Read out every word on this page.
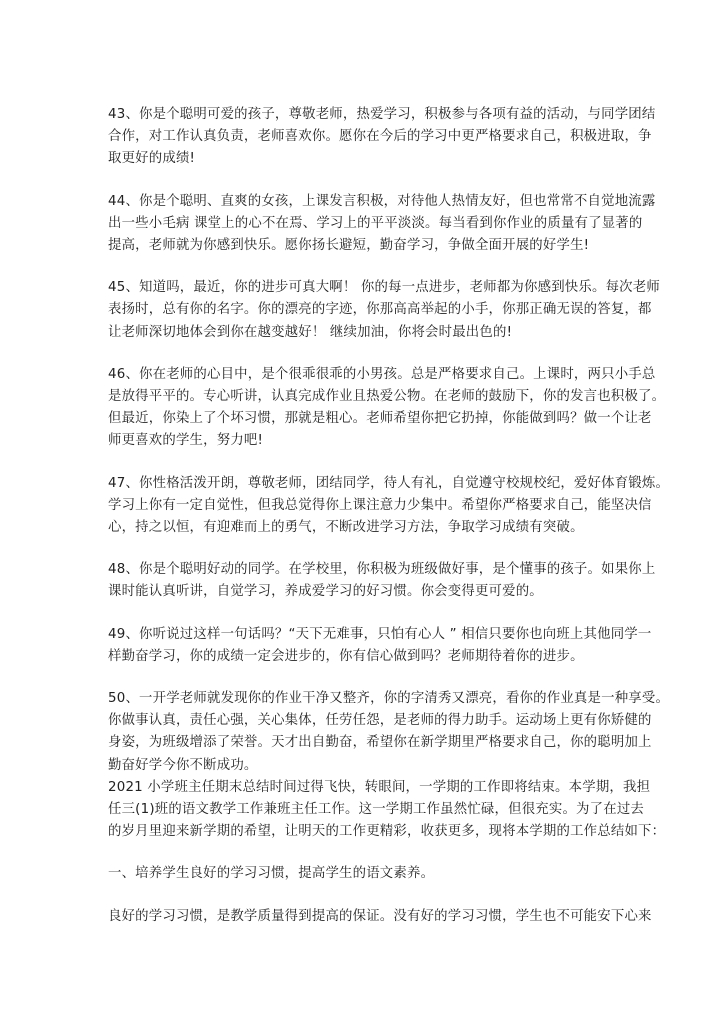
43、你是个聪明可爱的孩子，尊敬老师，热爱学习，积极参与各项有益的活动，与同学团结
合作，对工作认真负责，老师喜欢你。愿你在今后的学习中更严格要求自己，积极进取，争
取更好的成绩!
44、你是个聪明、直爽的女孩，上课发言积极，对待他人热情友好，但也常常不自觉地流露
出一些小毛病 课堂上的心不在焉、学习上的平平淡淡。每当看到你作业的质量有了显著的
提高，老师就为你感到快乐。愿你扬长避短，勤奋学习，争做全面开展的好学生!
45、知道吗，最近，你的进步可真大啊！ 你的每一点进步，老师都为你感到快乐。每次老师
表扬时，总有你的名字。你的漂亮的字迹，你那高高举起的小手，你那正确无误的答复，都
让老师深切地体会到你在越变越好！ 继续加油，你将会时最出色的!
46、你在老师的心目中，是个很乖很乖的小男孩。总是严格要求自己。上课时，两只小手总
是放得平平的。专心听讲，认真完成作业且热爱公物。在老师的鼓励下，你的发言也积极了。
但最近，你染上了个坏习惯，那就是粗心。老师希望你把它扔掉，你能做到吗？做一个让老
师更喜欢的学生，努力吧!
47、你性格活泼开朗，尊敬老师，团结同学，待人有礼，自觉遵守校规校纪，爱好体育锻炼。
学习上你有一定自觉性，但我总觉得你上课注意力少集中。希望你严格要求自己，能坚决信
心，持之以恒，有迎难而上的勇气，不断改进学习方法，争取学习成绩有突破。
48、你是个聪明好动的同学。在学校里，你积极为班级做好事，是个懂事的孩子。如果你上
课时能认真听讲，自觉学习，养成爱学习的好习惯。你会变得更可爱的。
49、你听说过这样一句话吗？“天下无难事，只怕有心人 ” 相信只要你也向班上其他同学一
样勤奋学习，你的成绩一定会进步的，你有信心做到吗？老师期待着你的进步。
50、一开学老师就发现你的作业干净又整齐，你的字清秀又漂亮，看你的作业真是一种享受。
你做事认真，责任心强，关心集体，任劳任怨，是老师的得力助手。运动场上更有你矫健的
身姿，为班级增添了荣誉。天才出自勤奋，希望你在新学期里严格要求自己，你的聪明加上
勤奋好学今你不断成功。
2021 小学班主任期末总结时间过得飞快，转眼间，一学期的工作即将结束。本学期，我担
任三(1)班的语文教学工作兼班主任工作。这一学期工作虽然忙碌，但很充实。为了在过去
的岁月里迎来新学期的希望，让明天的工作更精彩，收获更多，现将本学期的工作总结如下：
一、培养学生良好的学习习惯，提高学生的语文素养。
良好的学习习惯，是教学质量得到提高的保证。没有好的学习习惯，学生也不可能安下心来
